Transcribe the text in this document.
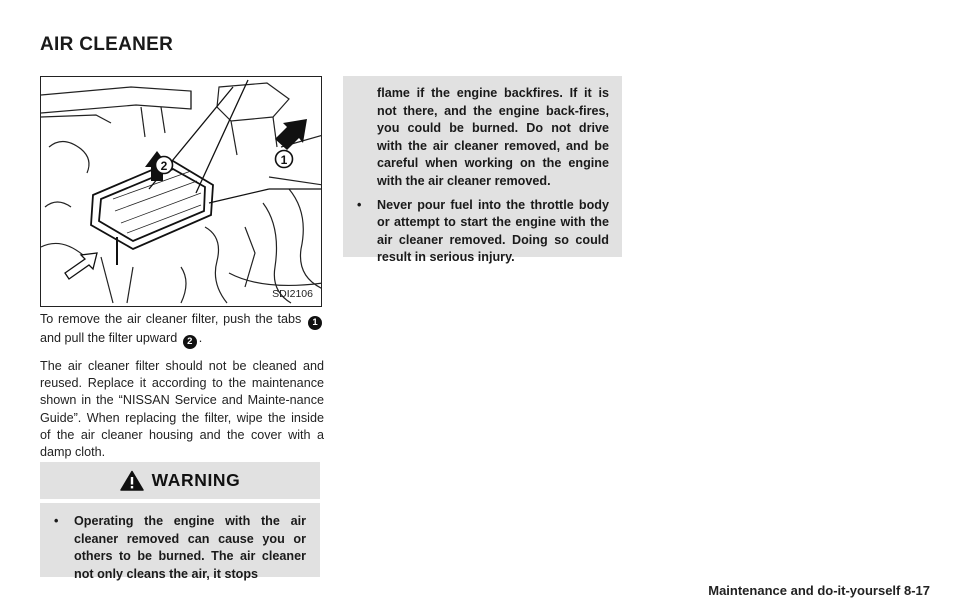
AIR CLEANER
2	1
SDI2106

To remove the air cleaner filter, push the tabs 1 and pull the filter upward 2 .

The air cleaner filter should not be cleaned and reused. Replace it according to the maintenance shown in the “NISSAN Service and Mainte-nance Guide”. When replacing the filter, wipe the inside of the air cleaner housing and the cover with a damp cloth.

WARNING
•	Operating the engine with the air cleaner removed can cause you or others to be burned. The air cleaner not only cleans the air, it stops
flame if the engine backfires. If it is not there, and the engine back-fires, you could be burned. Do not drive with the air cleaner removed, and be careful when working on the engine with the air cleaner removed.
•	Never pour fuel into the throttle body or attempt to start the engine with the air cleaner removed. Doing so could result in serious injury.
Maintenance and do-it-yourself 8-17
